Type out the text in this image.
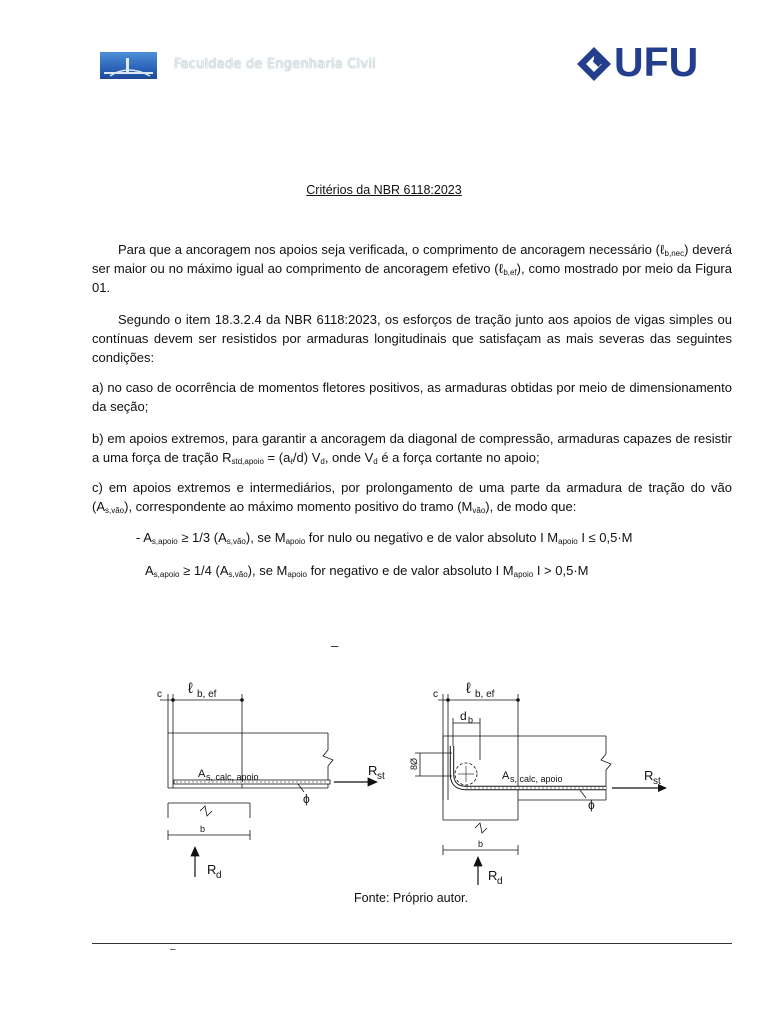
Faculdade de Engenharia Civil	UFU
Critérios da NBR 6118:2023
Para que a ancoragem nos apoios seja verificada, o comprimento de ancoragem necessário (ℓ$_{b,nec}$) deverá ser maior ou no máximo igual ao comprimento de ancoragem efetivo (ℓ$_{b,ef}$), como mostrado por meio da Figura 01.
Segundo o item 18.3.2.4 da NBR 6118:2023, os esforços de tração junto aos apoios de vigas simples ou contínuas devem ser resistidos por armaduras longitudinais que satisfaçam as mais severas das seguintes condições:
a) no caso de ocorrência de momentos fletores positivos, as armaduras obtidas por meio de dimensionamento da seção;
b) em apoios extremos, para garantir a ancoragem da diagonal de compressão, armaduras capazes de resistir a uma força de tração $R_{std,apoio} = (a_\ell/d)$ $V_d$, onde $V_d$ é a força cortante no apoio;
c) em apoios extremos e intermediários, por prolongamento de uma parte da armadura de tração do vão $(A_{s,vão})$, correspondente ao máximo momento positivo do tramo $(M_{vão})$, de modo que:
- $A_{s,apoio} \ge 1/3$ $(A_{s,vão})$, se $M_{apoio}$ for nulo ou negativo e de valor absoluto I $M_{apoio}$ I ≤ 0,5·M
$A_{s,apoio} \ge 1/4$ $(A_{s,vão})$, se $M_{apoio}$ for negativo e de valor absoluto I $M_{apoio}$ I > 0,5·M
–
c ℓ b, ef
A s, calc, apoio	R st
ϕ
b
R d
c ℓ b, ef
d b
8Ø
A s, calc, apoio
ϕ
b
R d
R st
Fonte: Próprio autor.
–
